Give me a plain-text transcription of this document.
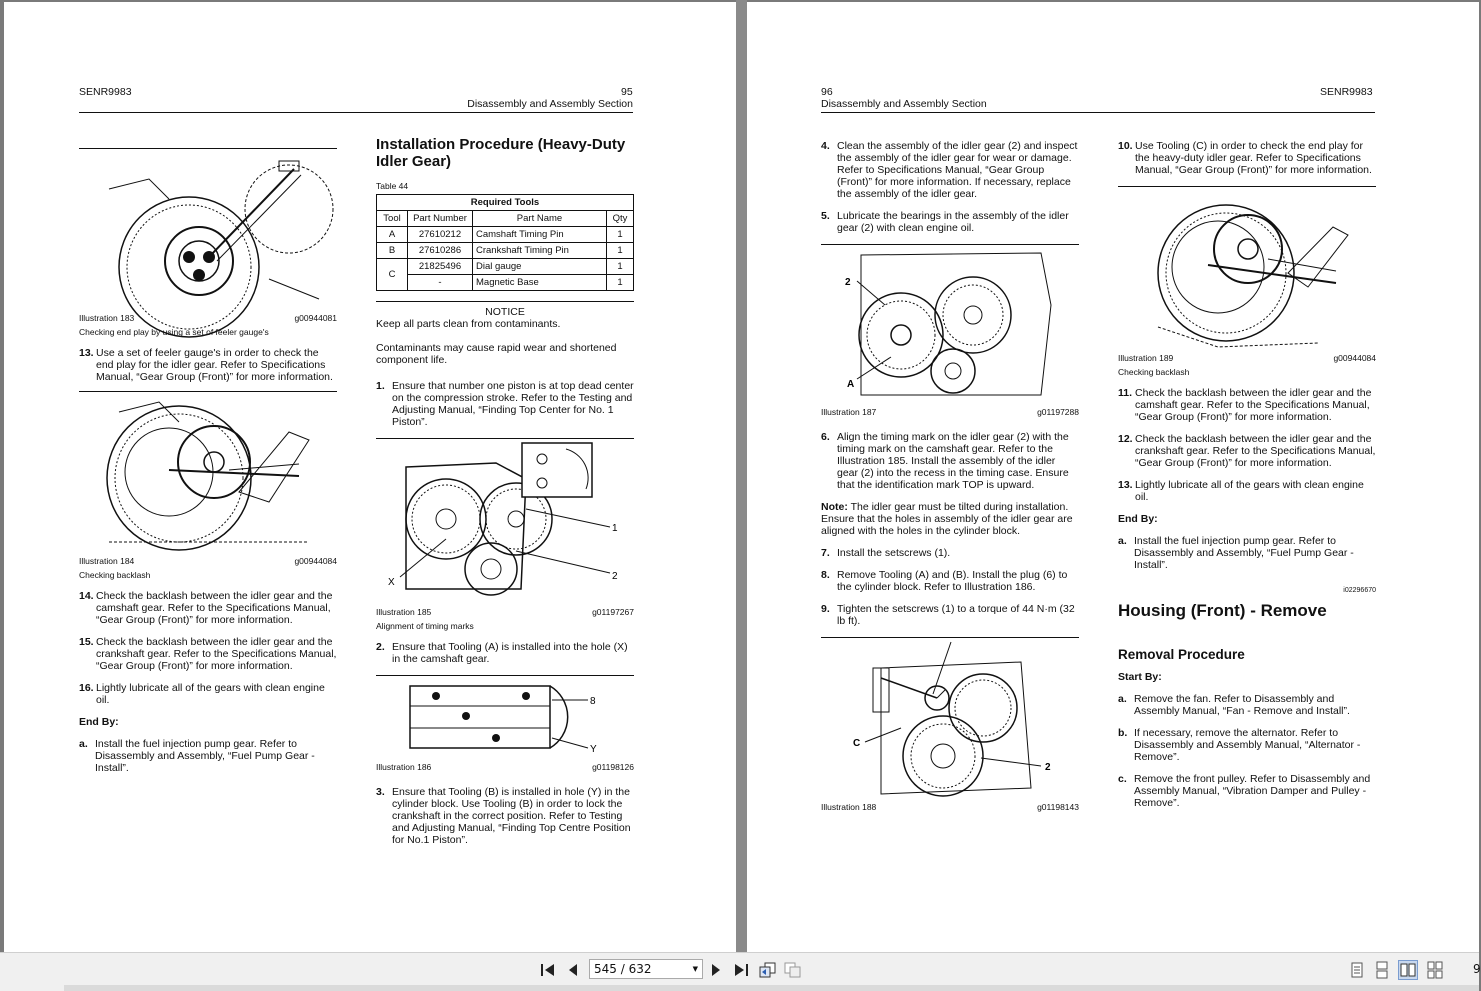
SENR9983	95
Disassembly and Assembly Section
Illustration 183	g00944081
Checking end play by using a set of feeler gauge's
13. Use a set of feeler gauge's in order to check the end play for the idler gear. Refer to Specifications Manual, “Gear Group (Front)” for more information.
Illustration 184	g00944084
Checking backlash
14. Check the backlash between the idler gear and the camshaft gear. Refer to the Specifications Manual, “Gear Group (Front)” for more information.
15. Check the backlash between the idler gear and the crankshaft gear. Refer to the Specifications Manual, “Gear Group (Front)” for more information.
16. Lightly lubricate all of the gears with clean engine oil.
End By:
a. Install the fuel injection pump gear. Refer to Disassembly and Assembly, “Fuel Pump Gear - Install”.
Installation Procedure (Heavy-Duty Idler Gear)
Table 44
Required Tools			
Tool	Part Number	Part Name	Qty
A	27610212	Camshaft Timing Pin	1
B	27610286	Crankshaft Timing Pin	1
C	21825496	Dial gauge	1
	-	Magnetic Base	1
NOTICE
Keep all parts clean from contaminants.
Contaminants may cause rapid wear and shortened component life.
1. Ensure that number one piston is at top dead center on the compression stroke. Refer to the Testing and Adjusting Manual, “Finding Top Center for No. 1 Piston”.
1
2
X
Illustration 185	g01197267
Alignment of timing marks
2. Ensure that Tooling (A) is installed into the hole (X) in the camshaft gear.
8
Y
Illustration 186	g01198126
3. Ensure that Tooling (B) is installed in hole (Y) in the cylinder block. Use Tooling (B) in order to lock the crankshaft in the correct position. Refer to Testing and Adjusting Manual, “Finding Top Centre Position for No.1 Piston”.
96	SENR9983
Disassembly and Assembly Section
4. Clean the assembly of the idler gear (2) and inspect the assembly of the idler gear for wear or damage. Refer to Specifications Manual, “Gear Group (Front)” for more information. If necessary, replace the assembly of the idler gear.
5. Lubricate the bearings in the assembly of the idler gear (2) with clean engine oil.
2
A
Illustration 187	g01197288
6. Align the timing mark on the idler gear (2) with the timing mark on the camshaft gear. Refer to the Illustration 185. Install the assembly of the idler gear (2) into the recess in the timing case. Ensure that the identification mark TOP is upward.
Note: The idler gear must be tilted during installation. Ensure that the holes in assembly of the idler gear are aligned with the holes in the cylinder block.
7. Install the setscrews (1).
8. Remove Tooling (A) and (B). Install the plug (6) to the cylinder block. Refer to Illustration 186.
9. Tighten the setscrews (1) to a torque of 44 N·m (32 lb ft).
C
2
Illustration 188	g01198143
10. Use Tooling (C) in order to check the end play for the heavy-duty idler gear. Refer to Specifications Manual, “Gear Group (Front)” for more information.
Illustration 189	g00944084
Checking backlash
11. Check the backlash between the idler gear and the camshaft gear. Refer to the Specifications Manual, “Gear Group (Front)” for more information.
12. Check the backlash between the idler gear and the crankshaft gear. Refer to the Specifications Manual, “Gear Group (Front)” for more information.
13. Lightly lubricate all of the gears with clean engine oil.
End By:
a. Install the fuel injection pump gear. Refer to Disassembly and Assembly, “Fuel Pump Gear - Install”.
i02296670
Housing (Front) - Remove
Removal Procedure
Start By:
a. Remove the fan. Refer to Disassembly and Assembly Manual, “Fan - Remove and Install”.
b. If necessary, remove the alternator. Refer to Disassembly and Assembly Manual, “Alternator - Remove”.
c. Remove the front pulley. Refer to Disassembly and Assembly Manual, “Vibration Damper and Pulley - Remove”.
545 / 632	▼	9
